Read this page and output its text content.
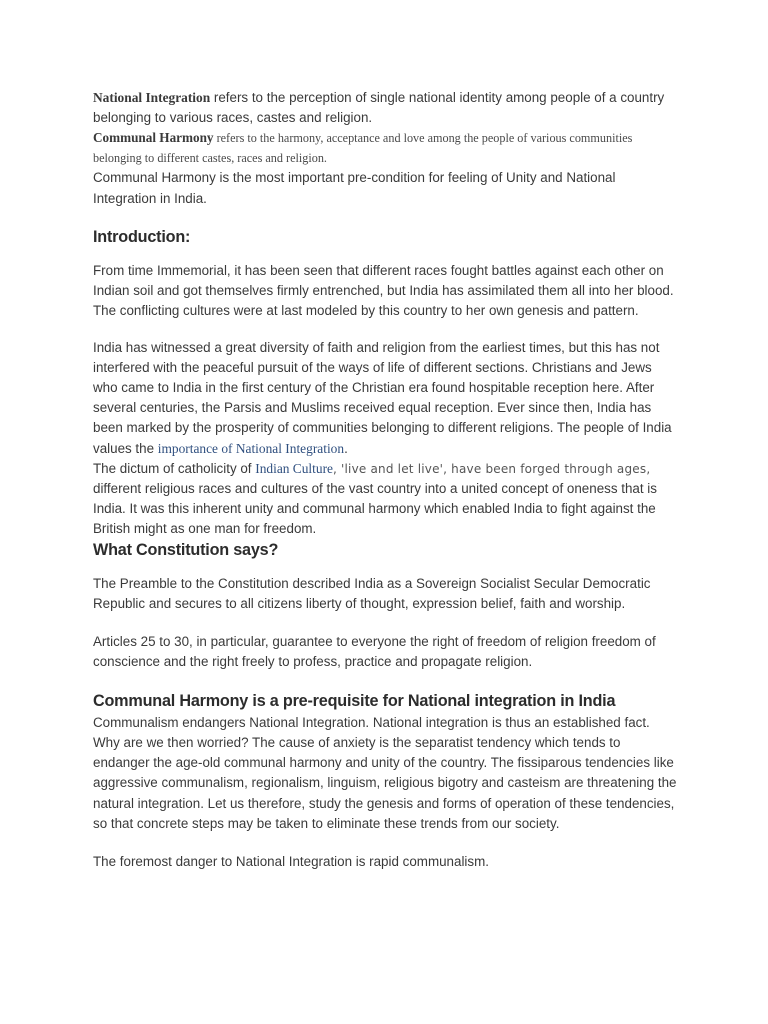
National Integration refers to the perception of single national identity among people of a country belonging to various races, castes and religion.

Communal Harmony refers to the harmony, acceptance and love among the people of various communities belonging to different castes, races and religion.

Communal Harmony is the most important pre-condition for feeling of Unity and National Integration in India.

Introduction:

From time Immemorial, it has been seen that different races fought battles against each other on Indian soil and got themselves firmly entrenched, but India has assimilated them all into her blood. The conflicting cultures were at last modeled by this country to her own genesis and pattern.

India has witnessed a great diversity of faith and religion from the earliest times, but this has not interfered with the peaceful pursuit of the ways of life of different sections. Christians and Jews who came to India in the first century of the Christian era found hospitable reception here. After several centuries, the Parsis and Muslims received equal reception. Ever since then, India has been marked by the prosperity of communities belonging to different religions. The people of India values the importance of National Integration.

The dictum of catholicity of Indian Culture, 'live and let live', have been forged through ages, different religious races and cultures of the vast country into a united concept of oneness that is India. It was this inherent unity and communal harmony which enabled India to fight against the British might as one man for freedom.

What Constitution says?

The Preamble to the Constitution described India as a Sovereign Socialist Secular Democratic Republic and secures to all citizens liberty of thought, expression belief, faith and worship.

Articles 25 to 30, in particular, guarantee to everyone the right of freedom of religion freedom of conscience and the right freely to profess, practice and propagate religion.

Communal Harmony is a pre-requisite for National integration in India

Communalism endangers National Integration. National integration is thus an established fact. Why are we then worried? The cause of anxiety is the separatist tendency which tends to endanger the age-old communal harmony and unity of the country. The fissiparous tendencies like aggressive communalism, regionalism, linguism, religious bigotry and casteism are threatening the natural integration. Let us therefore, study the genesis and forms of operation of these tendencies, so that concrete steps may be taken to eliminate these trends from our society.

The foremost danger to National Integration is rapid communalism.
